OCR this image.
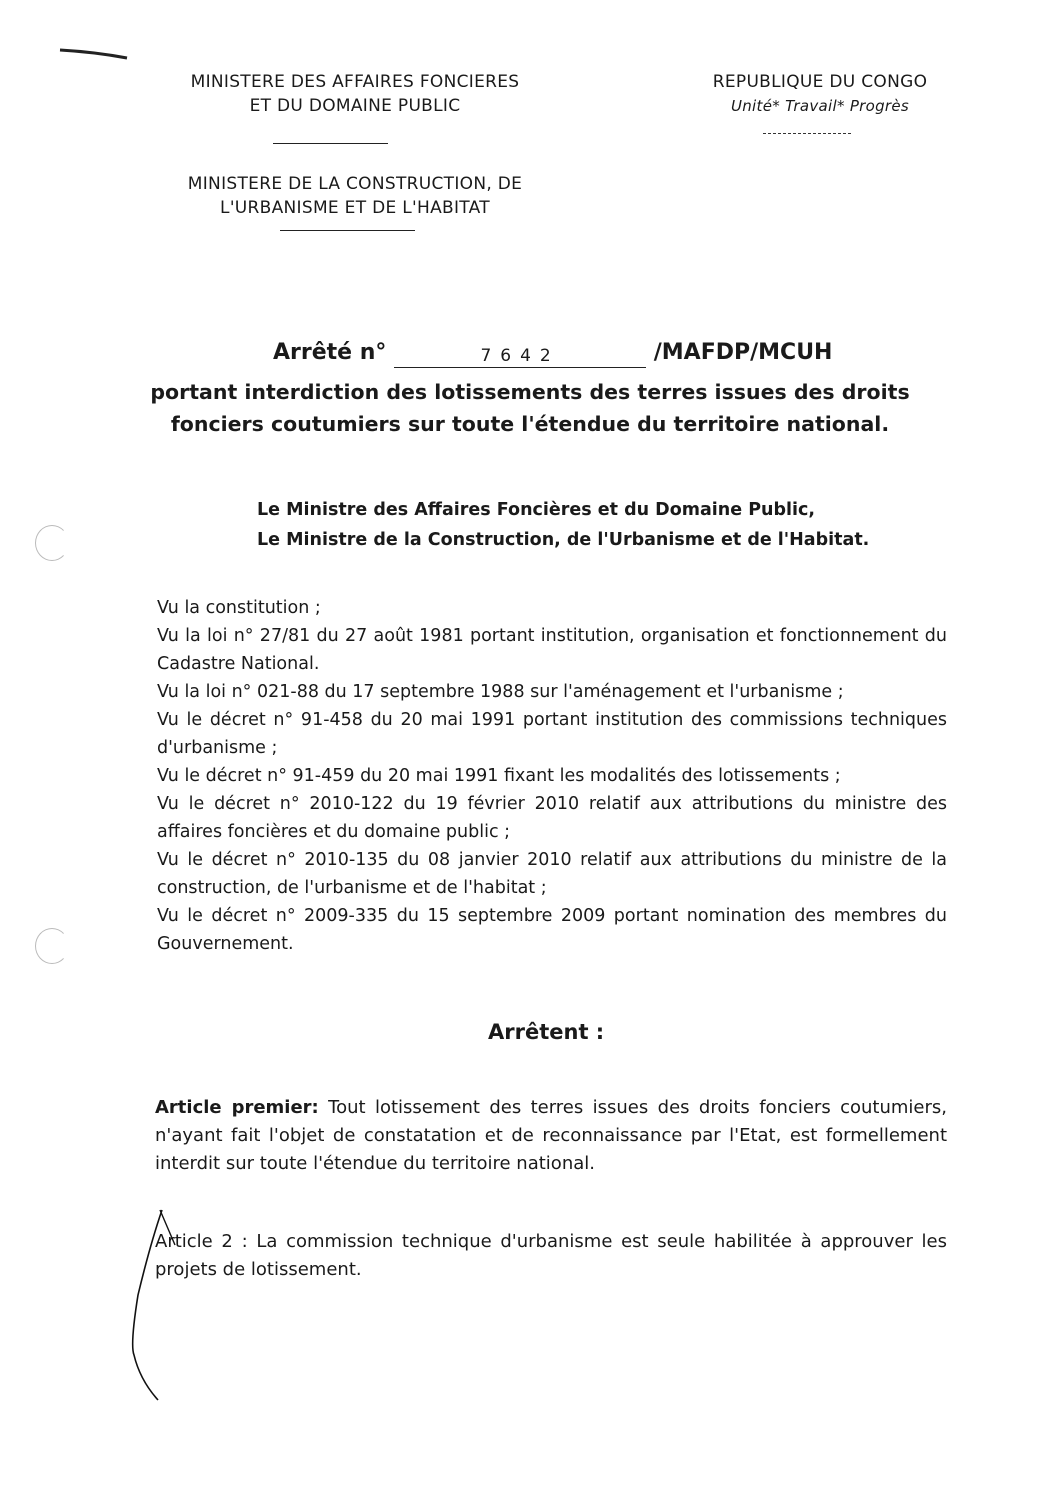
MINISTERE DES AFFAIRES FONCIERES
ET DU DOMAINE PUBLIC
MINISTERE DE LA CONSTRUCTION, DE
L'URBANISME ET DE L'HABITAT
REPUBLIQUE DU CONGO
Unité* Travail* Progrès
Arrêté n°	7642	/MAFDP/MCUH
portant interdiction des lotissements des terres issues des droits
fonciers coutumiers sur toute l'étendue du territoire national.
Le Ministre des Affaires Foncières et du Domaine Public,
Le Ministre de la Construction, de l'Urbanisme et de l'Habitat.

Vu la constitution ;

Vu la loi n° 27/81 du 27 août 1981 portant institution, organisation et fonctionnement du Cadastre National.

Vu la loi n° 021-88 du 17 septembre 1988 sur l'aménagement et l'urbanisme ;

Vu le décret n° 91-458 du 20 mai 1991 portant institution des commissions techniques d'urbanisme ;

Vu le décret n° 91-459 du 20 mai 1991 fixant les modalités des lotissements ;

Vu le décret n° 2010-122 du 19 février 2010 relatif aux attributions du ministre des affaires foncières et du domaine public ;

Vu le décret n° 2010-135 du 08 janvier 2010 relatif aux attributions du ministre de la construction, de l'urbanisme et de l'habitat ;

Vu le décret n° 2009-335 du 15 septembre 2009 portant nomination des membres du Gouvernement.

Arrêtent :
Article premier: Tout lotissement des terres issues des droits fonciers coutumiers, n'ayant fait l'objet de constatation et de reconnaissance par l'Etat, est formellement interdit sur toute l'étendue du territoire national.
Article 2 : La commission technique d'urbanisme est seule habilitée à approuver les projets de lotissement.
